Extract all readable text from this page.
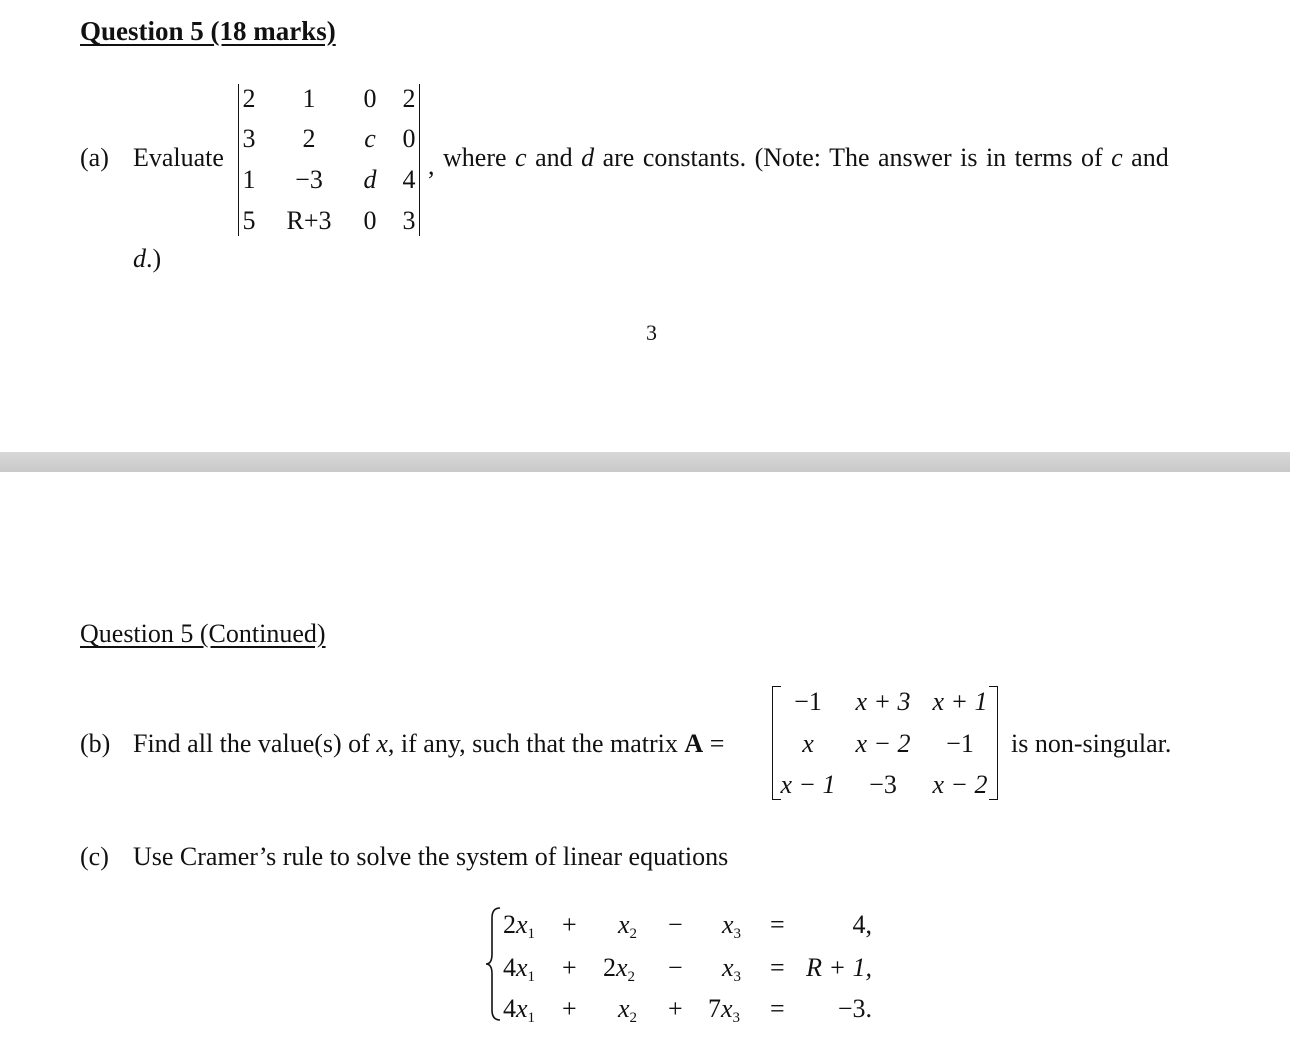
Question 5 (18 marks)
(a) Evaluate
2 1 0 2
3 2 c 0
1 −3 d 4
5 R+3 0 3
, where c and d are constants. (Note: The answer is in terms of c and
d.)
3
Question 5 (Continued)
(b) Find all the value(s) of x, if any, such that the matrix A =
−1 x + 3 x + 1
x x − 2 −1
x − 1 −3 x − 2
is non-singular.
(c) Use Cramer’s rule to solve the system of linear equations
$2x_1 + x_2 - x_3$ =	4,
$4x_1 + 2x_2 - x_3 = R + 1$,
$4x_1 + x_2 + 7x_3 = -3$.
